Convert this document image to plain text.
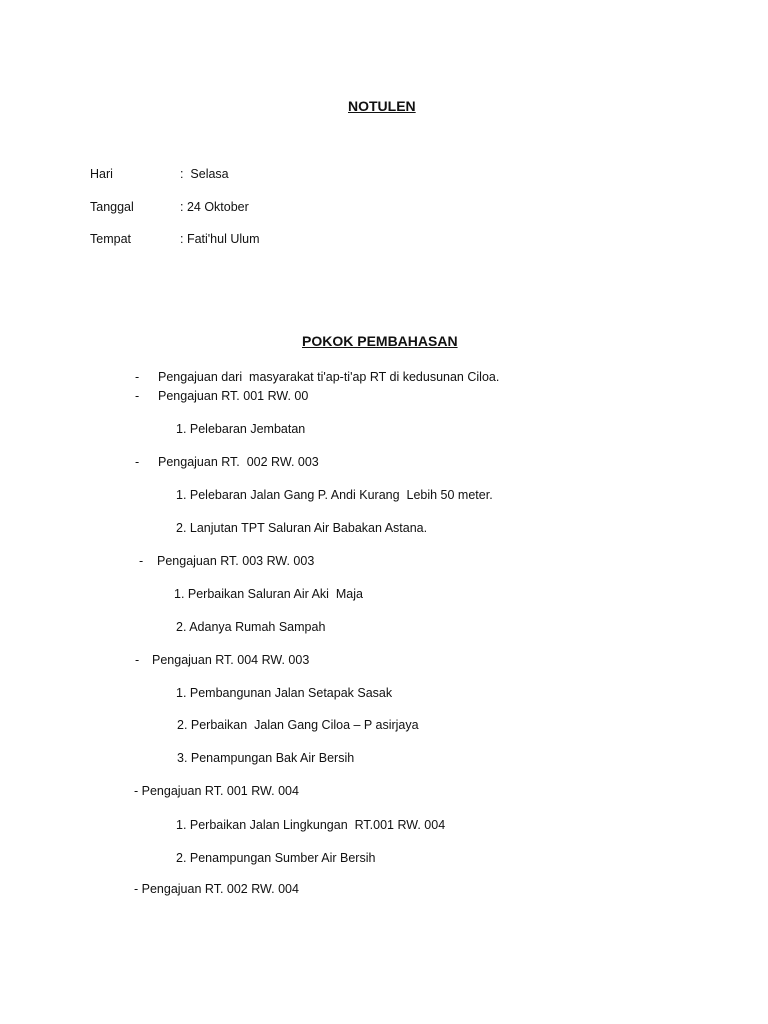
NOTULEN
Hari	:  Selasa
Tanggal	: 24 Oktober
Tempat	: Fati'hul Ulum
POKOK PEMBAHASAN
- Pengajuan dari  masyarakat ti'ap-ti'ap RT di kedusunan Ciloa.
- Pengajuan RT. 001 RW. 00
1. Pelebaran Jembatan
- Pengajuan RT.  002 RW. 003
1. Pelebaran Jalan Gang P. Andi Kurang  Lebih 50 meter.
2. Lanjutan TPT Saluran Air Babakan Astana.
- Pengajuan RT. 003 RW. 003
1. Perbaikan Saluran Air Aki  Maja
2. Adanya Rumah Sampah
- Pengajuan RT. 004 RW. 003
1. Pembangunan Jalan Setapak Sasak
2. Perbaikan  Jalan Gang Ciloa – P asirjaya
3. Penampungan Bak Air Bersih
- Pengajuan RT. 001 RW. 004
1. Perbaikan Jalan Lingkungan  RT.001 RW. 004
2. Penampungan Sumber Air Bersih
- Pengajuan RT. 002 RW. 004
